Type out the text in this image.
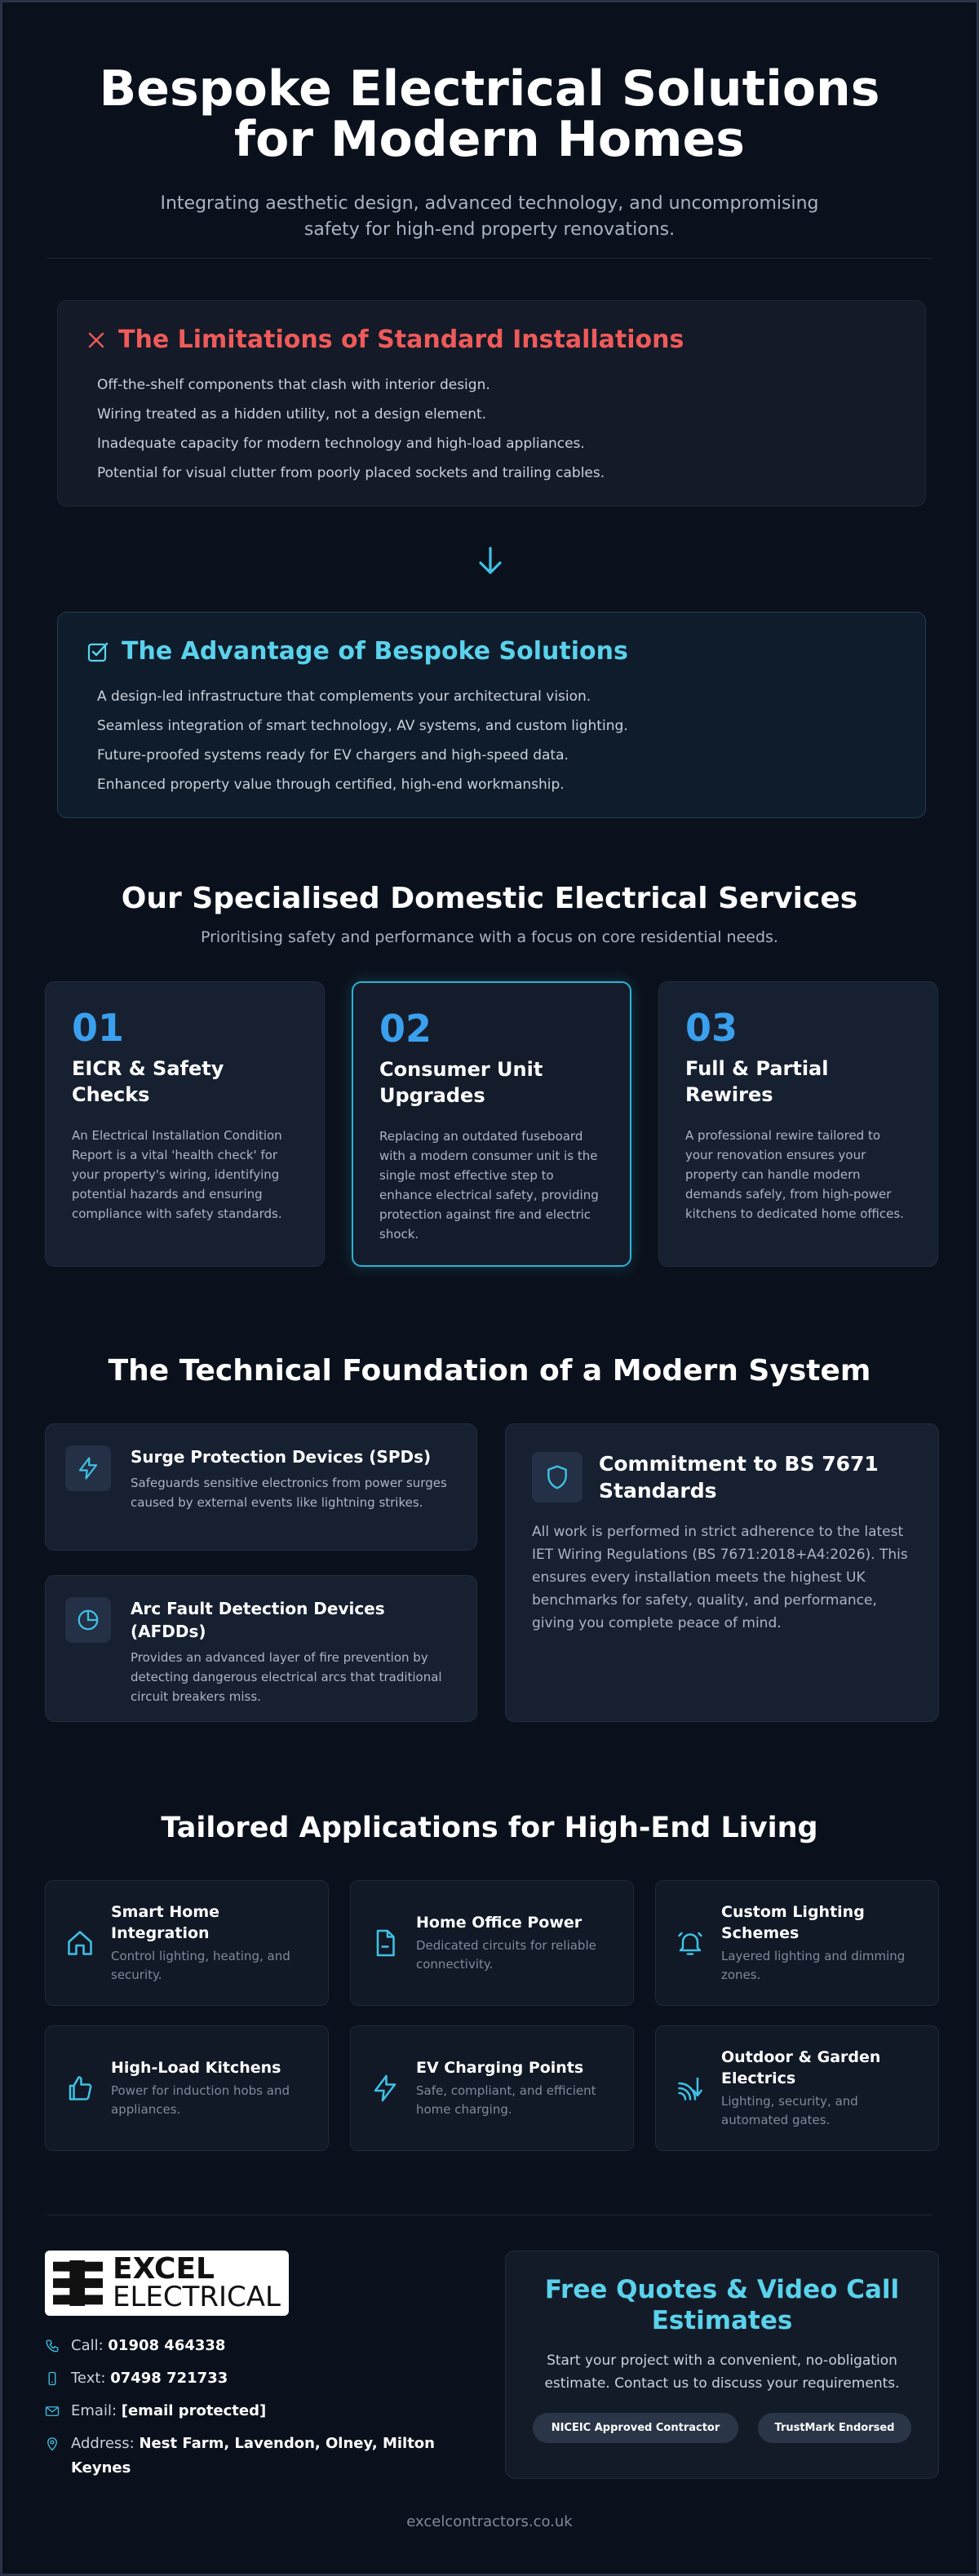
Bespoke Electrical Solutions for Modern Homes

Integrating aesthetic design, advanced technology, and uncompromising safety for high-end property renovations.

The Limitations of Standard Installations
Off-the-shelf components that clash with interior design.
Wiring treated as a hidden utility, not a design element.
Inadequate capacity for modern technology and high-load appliances.
Potential for visual clutter from poorly placed sockets and trailing cables.
The Advantage of Bespoke Solutions
A design-led infrastructure that complements your architectural vision.
Seamless integration of smart technology, AV systems, and custom lighting.
Future-proofed systems ready for EV chargers and high-speed data.
Enhanced property value through certified, high-end workmanship.
Our Specialised Domestic Electrical Services
Prioritising safety and performance with a focus on core residential needs.
01
EICR & Safety Checks
An Electrical Installation Condition Report is a vital 'health check' for your property's wiring, identifying potential hazards and ensuring compliance with safety standards.
02
Consumer Unit Upgrades
Replacing an outdated fuseboard with a modern consumer unit is the single most effective step to enhance electrical safety, providing protection against fire and electric shock.
03
Full & Partial Rewires
A professional rewire tailored to your renovation ensures your property can handle modern demands safely, from high-power kitchens to dedicated home offices.
The Technical Foundation of a Modern System
Surge Protection Devices (SPDs)

Safeguards sensitive electronics from power surges caused by external events like lightning strikes.

Arc Fault Detection Devices (AFDDs)

Provides an advanced layer of fire prevention by detecting dangerous electrical arcs that traditional circuit breakers miss.

Commitment to BS 7671 Standards

All work is performed in strict adherence to the latest IET Wiring Regulations (BS 7671:2018+A4:2026). This ensures every installation meets the highest UK benchmarks for safety, quality, and performance, giving you complete peace of mind.

Tailored Applications for High-End Living
Smart Home Integration
Control lighting, heating, and security.
Home Office Power
Dedicated circuits for reliable connectivity.
Custom Lighting Schemes
Layered lighting and dimming zones.
High-Load Kitchens
Power for induction hobs and appliances.
EV Charging Points
Safe, compliant, and efficient home charging.
Outdoor & Garden Electrics
Lighting, security, and automated gates.
EXCEL
ELECTRICAL
Call: 01908 464338
Text: 07498 721733
Email: [email protected]
Address: Nest Farm, Lavendon, Olney, Milton Keynes
Free Quotes & Video Call Estimates

Start your project with a convenient, no-obligation estimate. Contact us to discuss your requirements.

NICEIC Approved Contractor	TrustMark Endorsed
excelcontractors.co.uk
